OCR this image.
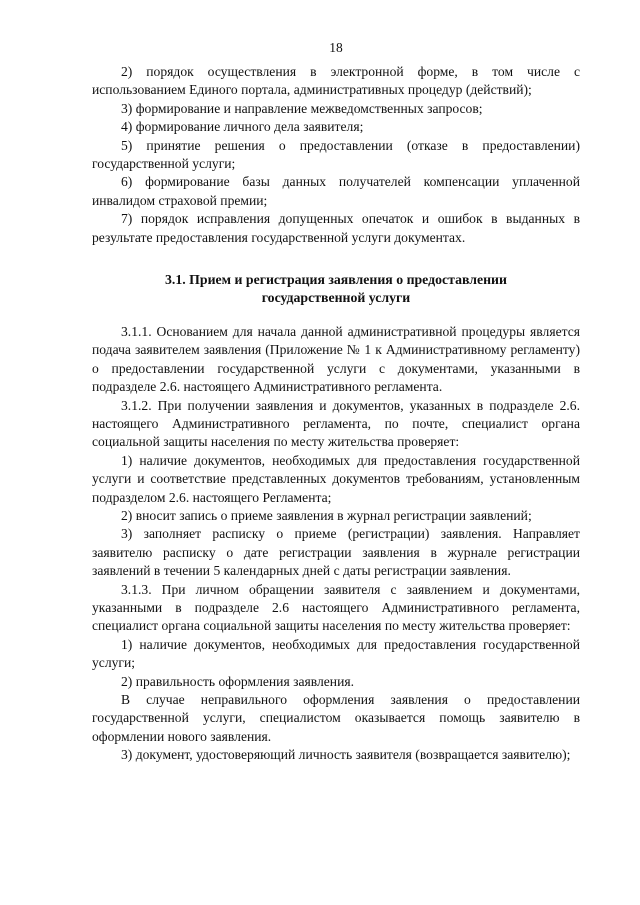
18

2) порядок осуществления в электронной форме, в том числе с использованием Единого портала, административных процедур (действий);

3) формирование и направление межведомственных запросов;

4) формирование личного дела заявителя;

5) принятие решения о предоставлении (отказе в предоставлении) государственной услуги;

6) формирование базы данных получателей компенсации уплаченной инвалидом страховой премии;

7) порядок исправления допущенных опечаток и ошибок в выданных в результате предоставления государственной услуги документах.

3.1. Прием и регистрация заявления о предоставлении государственной услуги

3.1.1. Основанием для начала данной административной процедуры является подача заявителем заявления (Приложение № 1 к Административному регламенту) о предоставлении государственной услуги с документами, указанными в подразделе 2.6. настоящего Административного регламента.

3.1.2. При получении заявления и документов, указанных в подразделе 2.6. настоящего Административного регламента, по почте, специалист органа социальной защиты населения по месту жительства проверяет:

1) наличие документов, необходимых для предоставления государственной услуги и соответствие представленных документов требованиям, установленным подразделом 2.6. настоящего Регламента;

2) вносит запись о приеме заявления в журнал регистрации заявлений;

3) заполняет расписку о приеме (регистрации) заявления. Направляет заявителю расписку о дате регистрации заявления в журнале регистрации заявлений в течении 5 календарных дней с даты регистрации заявления.

3.1.3. При личном обращении заявителя с заявлением и документами, указанными в подразделе 2.6 настоящего Административного регламента, специалист органа социальной защиты населения по месту жительства проверяет:

1) наличие документов, необходимых для предоставления государственной услуги;

2) правильность оформления заявления.

В случае неправильного оформления заявления о предоставлении государственной услуги, специалистом оказывается помощь заявителю в оформлении нового заявления.

3) документ, удостоверяющий личность заявителя (возвращается заявителю);
